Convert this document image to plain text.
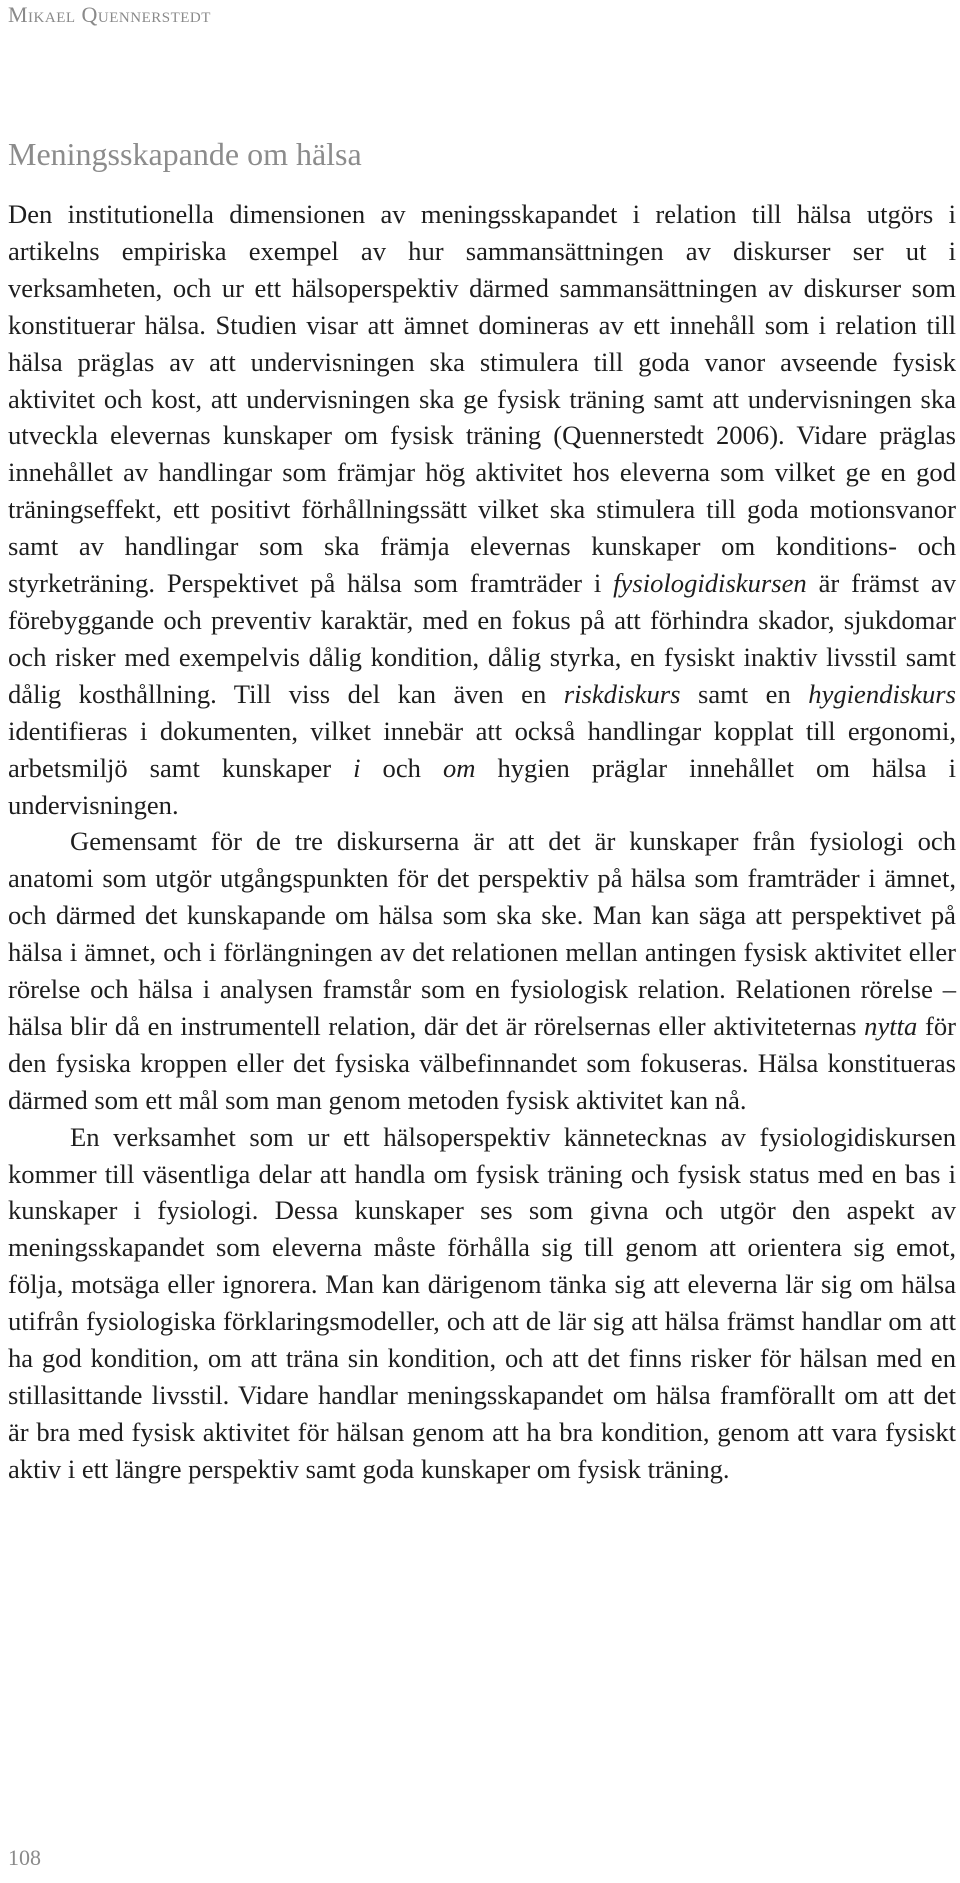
Mikael Quennerstedt
Meningsskapande om hälsa

Den institutionella dimensionen av meningsskapandet i relation till hälsa utgörs i artikelns empiriska exempel av hur sammansättningen av diskurser ser ut i verksamheten, och ur ett hälsoperspektiv därmed sammansättningen av diskurser som konstituerar hälsa. Studien visar att ämnet domineras av ett innehåll som i relation till hälsa präglas av att undervisningen ska stimulera till goda vanor avseende fysisk aktivitet och kost, att undervisningen ska ge fysisk träning samt att undervisningen ska utveckla elevernas kunskaper om fysisk träning (Quennerstedt 2006). Vidare präglas innehållet av handlingar som främjar hög aktivitet hos eleverna som vilket ge en god träningseffekt, ett positivt förhållningssätt vilket ska stimulera till goda motionsvanor samt av handlingar som ska främja elevernas kunskaper om konditions- och styrketräning. Perspektivet på hälsa som framträder i fysiologidiskursen är främst av förebyggande och preventiv karaktär, med en fokus på att förhindra skador, sjukdomar och risker med exempelvis dålig kondition, dålig styrka, en fysiskt inaktiv livsstil samt dålig kosthållning. Till viss del kan även en riskdiskurs samt en hygiendiskurs identifieras i dokumenten, vilket innebär att också handlingar kopplat till ergonomi, arbetsmiljö samt kunskaper i och om hygien präglar innehållet om hälsa i undervisningen.

Gemensamt för de tre diskurserna är att det är kunskaper från fysiologi och anatomi som utgör utgångspunkten för det perspektiv på hälsa som framträder i ämnet, och därmed det kunskapande om hälsa som ska ske. Man kan säga att perspektivet på hälsa i ämnet, och i förlängningen av det relationen mellan antingen fysisk aktivitet eller rörelse och hälsa i analysen framstår som en fysiologisk relation. Relationen rörelse – hälsa blir då en instrumentell relation, där det är rörelsernas eller aktiviteternas nytta för den fysiska kroppen eller det fysiska välbefinnandet som fokuseras. Hälsa konstitueras därmed som ett mål som man genom metoden fysisk aktivitet kan nå.

En verksamhet som ur ett hälsoperspektiv kännetecknas av fysiologidiskursen kommer till väsentliga delar att handla om fysisk träning och fysisk status med en bas i kunskaper i fysiologi. Dessa kunskaper ses som givna och utgör den aspekt av meningsskapandet som eleverna måste förhålla sig till genom att orientera sig emot, följa, motsäga eller ignorera. Man kan därigenom tänka sig att eleverna lär sig om hälsa utifrån fysiologiska förklaringsmodeller, och att de lär sig att hälsa främst handlar om att ha god kondition, om att träna sin kondition, och att det finns risker för hälsan med en stillasittande livsstil. Vidare handlar meningsskapandet om hälsa framförallt om att det är bra med fysisk aktivitet för hälsan genom att ha bra kondition, genom att vara fysiskt aktiv i ett längre perspektiv samt goda kunskaper om fysisk träning.

108
